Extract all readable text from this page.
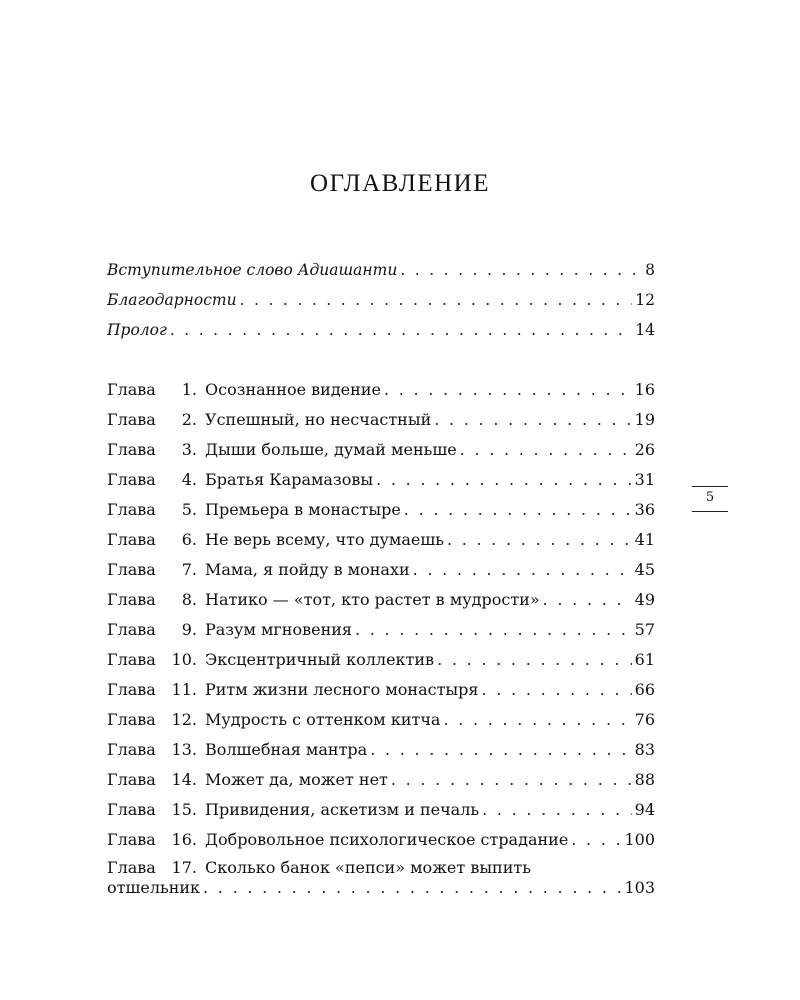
ОГЛАВЛЕНИЕ
Вступительное слово Адиашанти . . .	8
Благодарности . . .	12
Пролог . . .	14
Глава	1. Осознанное видение . . .	16
Глава	2. Успешный, но несчастный . . .	19
Глава	3. Дыши больше, думай меньше . . .	26
Глава	4. Братья Карамазовы . . .	31
Глава	5. Премьера в монастыре . . .	36
Глава	6. Не верь всему, что думаешь . . .	41
Глава	7. Мама, я пойду в монахи . . .	45
Глава	8. Натико — «тот, кто растет в мудрости» . . .	49
Глава	9. Разум мгновения . . .	57
Глава 10. Эксцентричный коллектив . . .	61
Глава 11. Ритм жизни лесного монастыря . . .	66
Глава 12. Мудрость с оттенком китча . . .	76
Глава 13. Волшебная мантра . . .	83
Глава 14. Может да, может нет . . .	88
Глава 15. Привидения, аскетизм и печаль . . .	94
Глава 16. Добровольное психологическое страдание . . .	100
Глава 17. Сколько банок «пепси» может выпить
отшельник . . .	103
5
